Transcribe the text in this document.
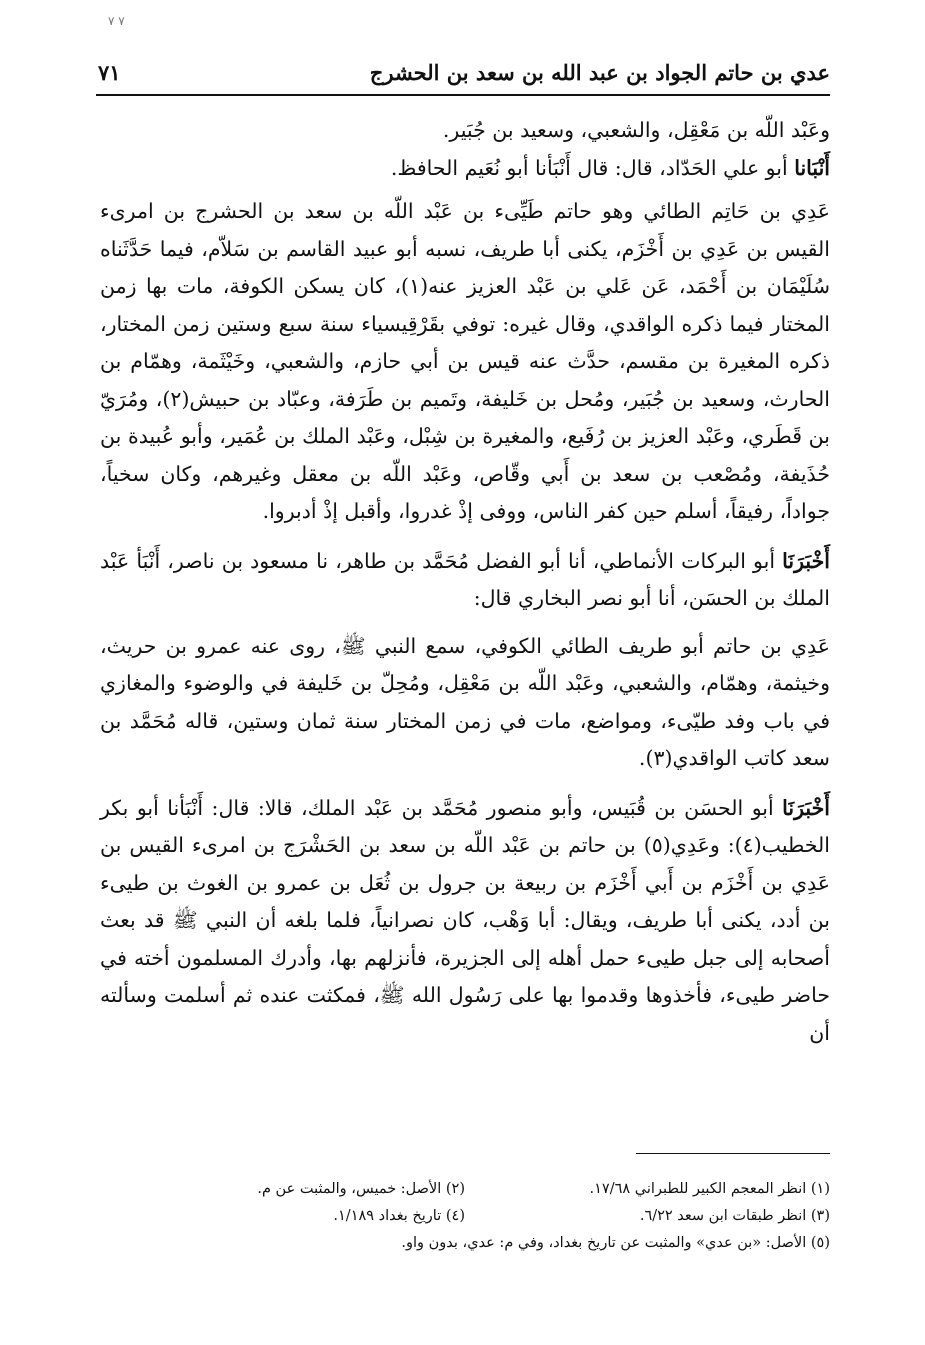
٧ ٧
عدي بن حاتم الجواد بن عبد الله بن سعد بن الحشرج
٧١

وعَبْد اللّه بن مَعْقِل، والشعبي، وسعيد بن جُبَير.

أَنْبَانا أبو علي الحَدّاد، قال: قال أَنْبَأنا أبو نُعَيم الحافظ.

عَدِي بن حَاتِم الطائي وهو حاتم طَيِّىء بن عَبْد اللّه بن سعد بن الحشرج بن امرىء القيس بن عَدِي بن أَخْزَم، يكنى أبا طريف، نسبه أبو عبيد القاسم بن سَلاّم، فيما حَدَّثَناه سُلَيْمَان بن أَحْمَد، عَن عَلي بن عَبْد العزيز عنه(١)، كان يسكن الكوفة، مات بها زمن المختار فيما ذكره الواقدي، وقال غيره: توفي بقَرْقِيسياء سنة سبع وستين زمن المختار، ذكره المغيرة بن مقسم، حدَّث عنه قيس بن أبي حازم، والشعبي، وخَيْثَمة، وهمّام بن الحارث، وسعيد بن جُبَير، ومُحل بن خَليفة، وتَميم بن طَرَفة، وعبّاد بن حبيش(٢)، ومُرَيّ بن قَطَري، وعَبْد العزيز بن رُفَيع، والمغيرة بن شِبْل، وعَبْد الملك بن عُمَير، وأبو عُبيدة بن حُذَيفة، ومُصْعب بن سعد بن أَبي وقّاص، وعَبْد اللّه بن معقل وغيرهم، وكان سخياً، جواداً، رفيقاً، أسلم حين كفر الناس، ووفى إذْ غدروا، وأقبل إذْ أدبروا.

أَخْبَرَنَا أبو البركات الأنماطي، أنا أبو الفضل مُحَمَّد بن طاهر، نا مسعود بن ناصر، أَنْبَأ عَبْد الملك بن الحسَن، أنا أبو نصر البخاري قال:

عَدِي بن حاتم أبو طريف الطائي الكوفي، سمع النبي ﷺ، روى عنه عمرو بن حريث، وخيثمة، وهمّام، والشعبي، وعَبْد اللّه بن مَعْقِل، ومُحِلّ بن خَليفة في والوضوء والمغازي في باب وفد طيّىء، ومواضع، مات في زمن المختار سنة ثمان وستين، قاله مُحَمَّد بن سعد كاتب الواقدي(٣).

أَخْبَرَنَا أبو الحسَن بن قُبَيس، وأبو منصور مُحَمَّد بن عَبْد الملك، قالا: قال: أَنْبَأنا أبو بكر الخطيب(٤): وعَدِي(٥) بن حاتم بن عَبْد اللّه بن سعد بن الحَشْرَج بن امرىء القيس بن عَدِي بن أَخْزَم بن أَبي أَخْزَم بن ربيعة بن جرول بن ثُعَل بن عمرو بن الغوث بن طيىء بن أدد، يكنى أبا طريف، ويقال: أبا وَهْب، كان نصرانياً، فلما بلغه أن النبي ﷺ قد بعث أصحابه إلى جبل طيىء حمل أهله إلى الجزيرة، فأنزلهم بها، وأدرك المسلمون أخته في حاضر طيىء، فأخذوها وقدموا بها على رَسُول الله ﷺ، فمكثت عنده ثم أسلمت وسألته أن

(١) انظر المعجم الكبير للطبراني ١٧/٦٨.
(٢) الأصل: خميس، والمثبت عن م.
(٣) انظر طبقات ابن سعد ٦/٢٢.
(٤) تاريخ بغداد ١/١٨٩.
(٥) الأصل: «بن عدي» والمثبت عن تاريخ بغداد، وفي م: عدي، بدون واو.
